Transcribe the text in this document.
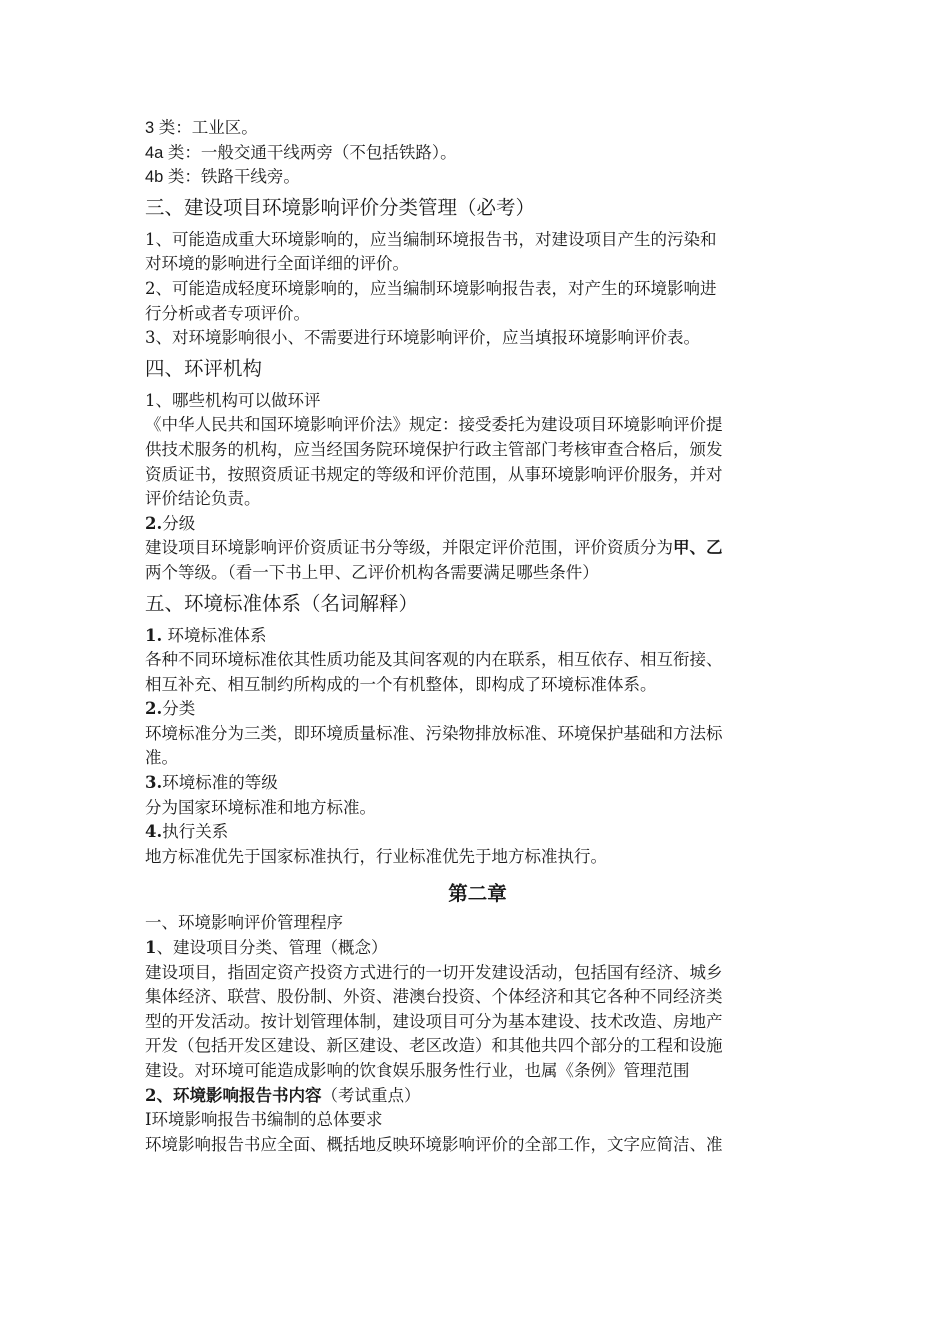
3 类：工业区。
4a 类：一般交通干线两旁（不包括铁路）。
4b 类：铁路干线旁。
三、建设项目环境影响评价分类管理（必考）
1、可能造成重大环境影响的，应当编制环境报告书，对建设项目产生的污染和
对环境的影响进行全面详细的评价。
2、可能造成轻度环境影响的，应当编制环境影响报告表，对产生的环境影响进
行分析或者专项评价。
3、对环境影响很小、不需要进行环境影响评价，应当填报环境影响评价表。
四、环评机构
1、哪些机构可以做环评
《中华人民共和国环境影响评价法》规定：接受委托为建设项目环境影响评价提
供技术服务的机构，应当经国务院环境保护行政主管部门考核审查合格后，颁发
资质证书，按照资质证书规定的等级和评价范围，从事环境影响评价服务，并对
评价结论负责。
2.分级
建设项目环境影响评价资质证书分等级，并限定评价范围，评价资质分为甲、乙
两个等级。（看一下书上甲、乙评价机构各需要满足哪些条件）
五、环境标准体系（名词解释）
1. 环境标准体系
各种不同环境标准依其性质功能及其间客观的内在联系，相互依存、相互衔接、
相互补充、相互制约所构成的一个有机整体，即构成了环境标准体系。
2.分类
环境标准分为三类，即环境质量标准、污染物排放标准、环境保护基础和方法标
准。
3.环境标准的等级
分为国家环境标准和地方标准。
4.执行关系
地方标准优先于国家标准执行，行业标准优先于地方标准执行。
第二章
一、环境影响评价管理程序
1、建设项目分类、管理（概念）
建设项目，指固定资产投资方式进行的一切开发建设活动，包括国有经济、城乡
集体经济、联营、股份制、外资、港澳台投资、个体经济和其它各种不同经济类
型的开发活动。按计划管理体制，建设项目可分为基本建设、技术改造、房地产
开发（包括开发区建设、新区建设、老区改造）和其他共四个部分的工程和设施
建设。对环境可能造成影响的饮食娱乐服务性行业，也属《条例》管理范围
2、环境影响报告书内容（考试重点）
Ⅰ环境影响报告书编制的总体要求
环境影响报告书应全面、概括地反映环境影响评价的全部工作，文字应简洁、准
